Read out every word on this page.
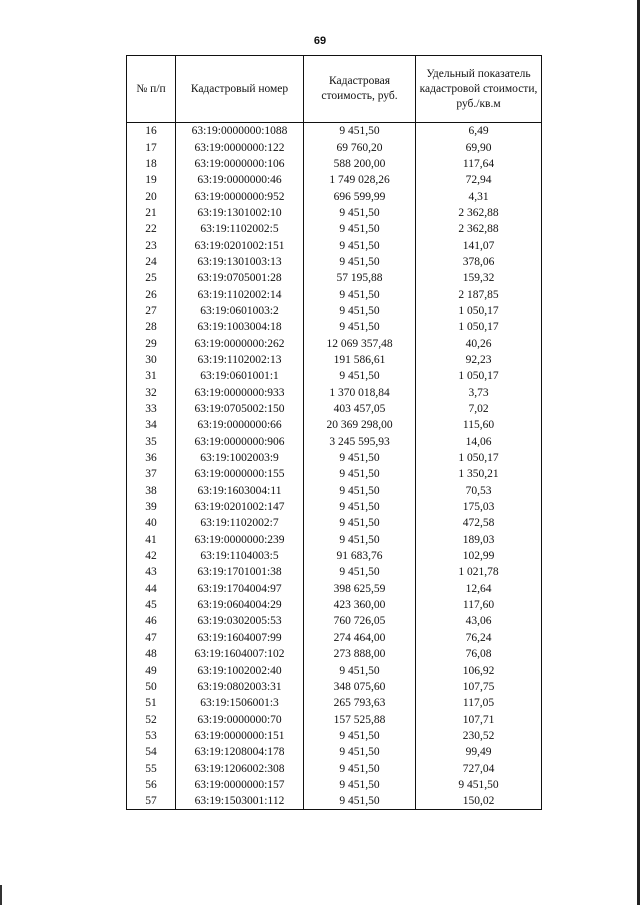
69
№ п/п	Кадастровый номер	Кадастровая стоимость, руб.	Удельный показатель кадастровой стоимости, руб./кв.м
16	63:19:0000000:1088	9 451,50	6,49
17	63:19:0000000:122	69 760,20	69,90
18	63:19:0000000:106	588 200,00	117,64
19	63:19:0000000:46	1 749 028,26	72,94
20	63:19:0000000:952	696 599,99	4,31
21	63:19:1301002:10	9 451,50	2 362,88
22	63:19:1102002:5	9 451,50	2 362,88
23	63:19:0201002:151	9 451,50	141,07
24	63:19:1301003:13	9 451,50	378,06
25	63:19:0705001:28	57 195,88	159,32
26	63:19:1102002:14	9 451,50	2 187,85
27	63:19:0601003:2	9 451,50	1 050,17
28	63:19:1003004:18	9 451,50	1 050,17
29	63:19:0000000:262	12 069 357,48	40,26
30	63:19:1102002:13	191 586,61	92,23
31	63:19:0601001:1	9 451,50	1 050,17
32	63:19:0000000:933	1 370 018,84	3,73
33	63:19:0705002:150	403 457,05	7,02
34	63:19:0000000:66	20 369 298,00	115,60
35	63:19:0000000:906	3 245 595,93	14,06
36	63:19:1002003:9	9 451,50	1 050,17
37	63:19:0000000:155	9 451,50	1 350,21
38	63:19:1603004:11	9 451,50	70,53
39	63:19:0201002:147	9 451,50	175,03
40	63:19:1102002:7	9 451,50	472,58
41	63:19:0000000:239	9 451,50	189,03
42	63:19:1104003:5	91 683,76	102,99
43	63:19:1701001:38	9 451,50	1 021,78
44	63:19:1704004:97	398 625,59	12,64
45	63:19:0604004:29	423 360,00	117,60
46	63:19:0302005:53	760 726,05	43,06
47	63:19:1604007:99	274 464,00	76,24
48	63:19:1604007:102	273 888,00	76,08
49	63:19:1002002:40	9 451,50	106,92
50	63:19:0802003:31	348 075,60	107,75
51	63:19:1506001:3	265 793,63	117,05
52	63:19:0000000:70	157 525,88	107,71
53	63:19:0000000:151	9 451,50	230,52
54	63:19:1208004:178	9 451,50	99,49
55	63:19:1206002:308	9 451,50	727,04
56	63:19:0000000:157	9 451,50	9 451,50
57	63:19:1503001:112	9 451,50	150,02
